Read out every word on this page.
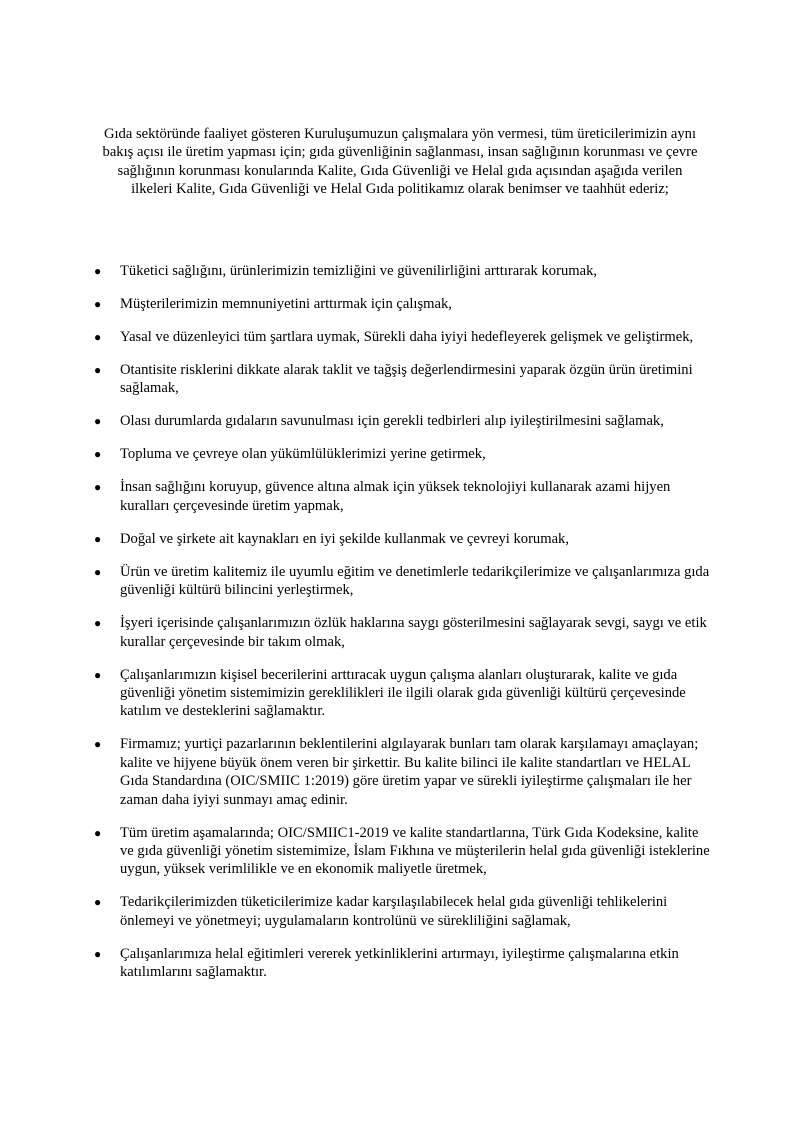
Gıda sektöründe faaliyet gösteren Kuruluşumuzun çalışmalara yön vermesi, tüm üreticilerimizin aynı bakış açısı ile üretim yapması için; gıda güvenliğinin sağlanması, insan sağlığının korunması ve çevre sağlığının korunması konularında Kalite, Gıda Güvenliği ve Helal gıda açısından aşağıda verilen ilkeleri Kalite, Gıda Güvenliği ve Helal Gıda politikamız olarak benimser ve taahhüt ederiz;

● Tüketici sağlığını, ürünlerimizin temizliğini ve güvenilirliğini arttırarak korumak,
● Müşterilerimizin memnuniyetini arttırmak için çalışmak,
● Yasal ve düzenleyici tüm şartlara uymak, Sürekli daha iyiyi hedefleyerek gelişmek ve geliştirmek,
● Otantisite risklerini dikkate alarak taklit ve tağşiş değerlendirmesini yaparak özgün ürün üretimini sağlamak,
● Olası durumlarda gıdaların savunulması için gerekli tedbirleri alıp iyileştirilmesini sağlamak,
● Topluma ve çevreye olan yükümlülüklerimizi yerine getirmek,
● İnsan sağlığını koruyup, güvence altına almak için yüksek teknolojiyi kullanarak azami hijyen kuralları çerçevesinde üretim yapmak,
● Doğal ve şirkete ait kaynakları en iyi şekilde kullanmak ve çevreyi korumak,
● Ürün ve üretim kalitemiz ile uyumlu eğitim ve denetimlerle tedarikçilerimize ve çalışanlarımıza gıda güvenliği kültürü bilincini yerleştirmek,
● İşyeri içerisinde çalışanlarımızın özlük haklarına saygı gösterilmesini sağlayarak sevgi, saygı ve etik kurallar çerçevesinde bir takım olmak,
● Çalışanlarımızın kişisel becerilerini arttıracak uygun çalışma alanları oluşturarak, kalite ve gıda güvenliği yönetim sistemimizin gereklilikleri ile ilgili olarak gıda güvenliği kültürü çerçevesinde katılım ve desteklerini sağlamaktır.
● Firmamız; yurtiçi pazarlarının beklentilerini algılayarak bunları tam olarak karşılamayı amaçlayan; kalite ve hijyene büyük önem veren bir şirkettir. Bu kalite bilinci ile kalite standartları ve HELAL Gıda Standardına (OIC/SMIIC 1:2019) göre üretim yapar ve sürekli iyileştirme çalışmaları ile her zaman daha iyiyi sunmayı amaç edinir.
● Tüm üretim aşamalarında; OIC/SMIIC1-2019 ve kalite standartlarına, Türk Gıda Kodeksine, kalite ve gıda güvenliği yönetim sistemimize, İslam Fıkhına ve müşterilerin helal gıda güvenliği isteklerine uygun, yüksek verimlilikle ve en ekonomik maliyetle üretmek,
● Tedarikçilerimizden tüketicilerimize kadar karşılaşılabilecek helal gıda güvenliği tehlikelerini önlemeyi ve yönetmeyi; uygulamaların kontrolünü ve sürekliliğini sağlamak,
● Çalışanlarımıza helal eğitimleri vererek yetkinliklerini artırmayı, iyileştirme çalışmalarına etkin katılımlarını sağlamaktır.
